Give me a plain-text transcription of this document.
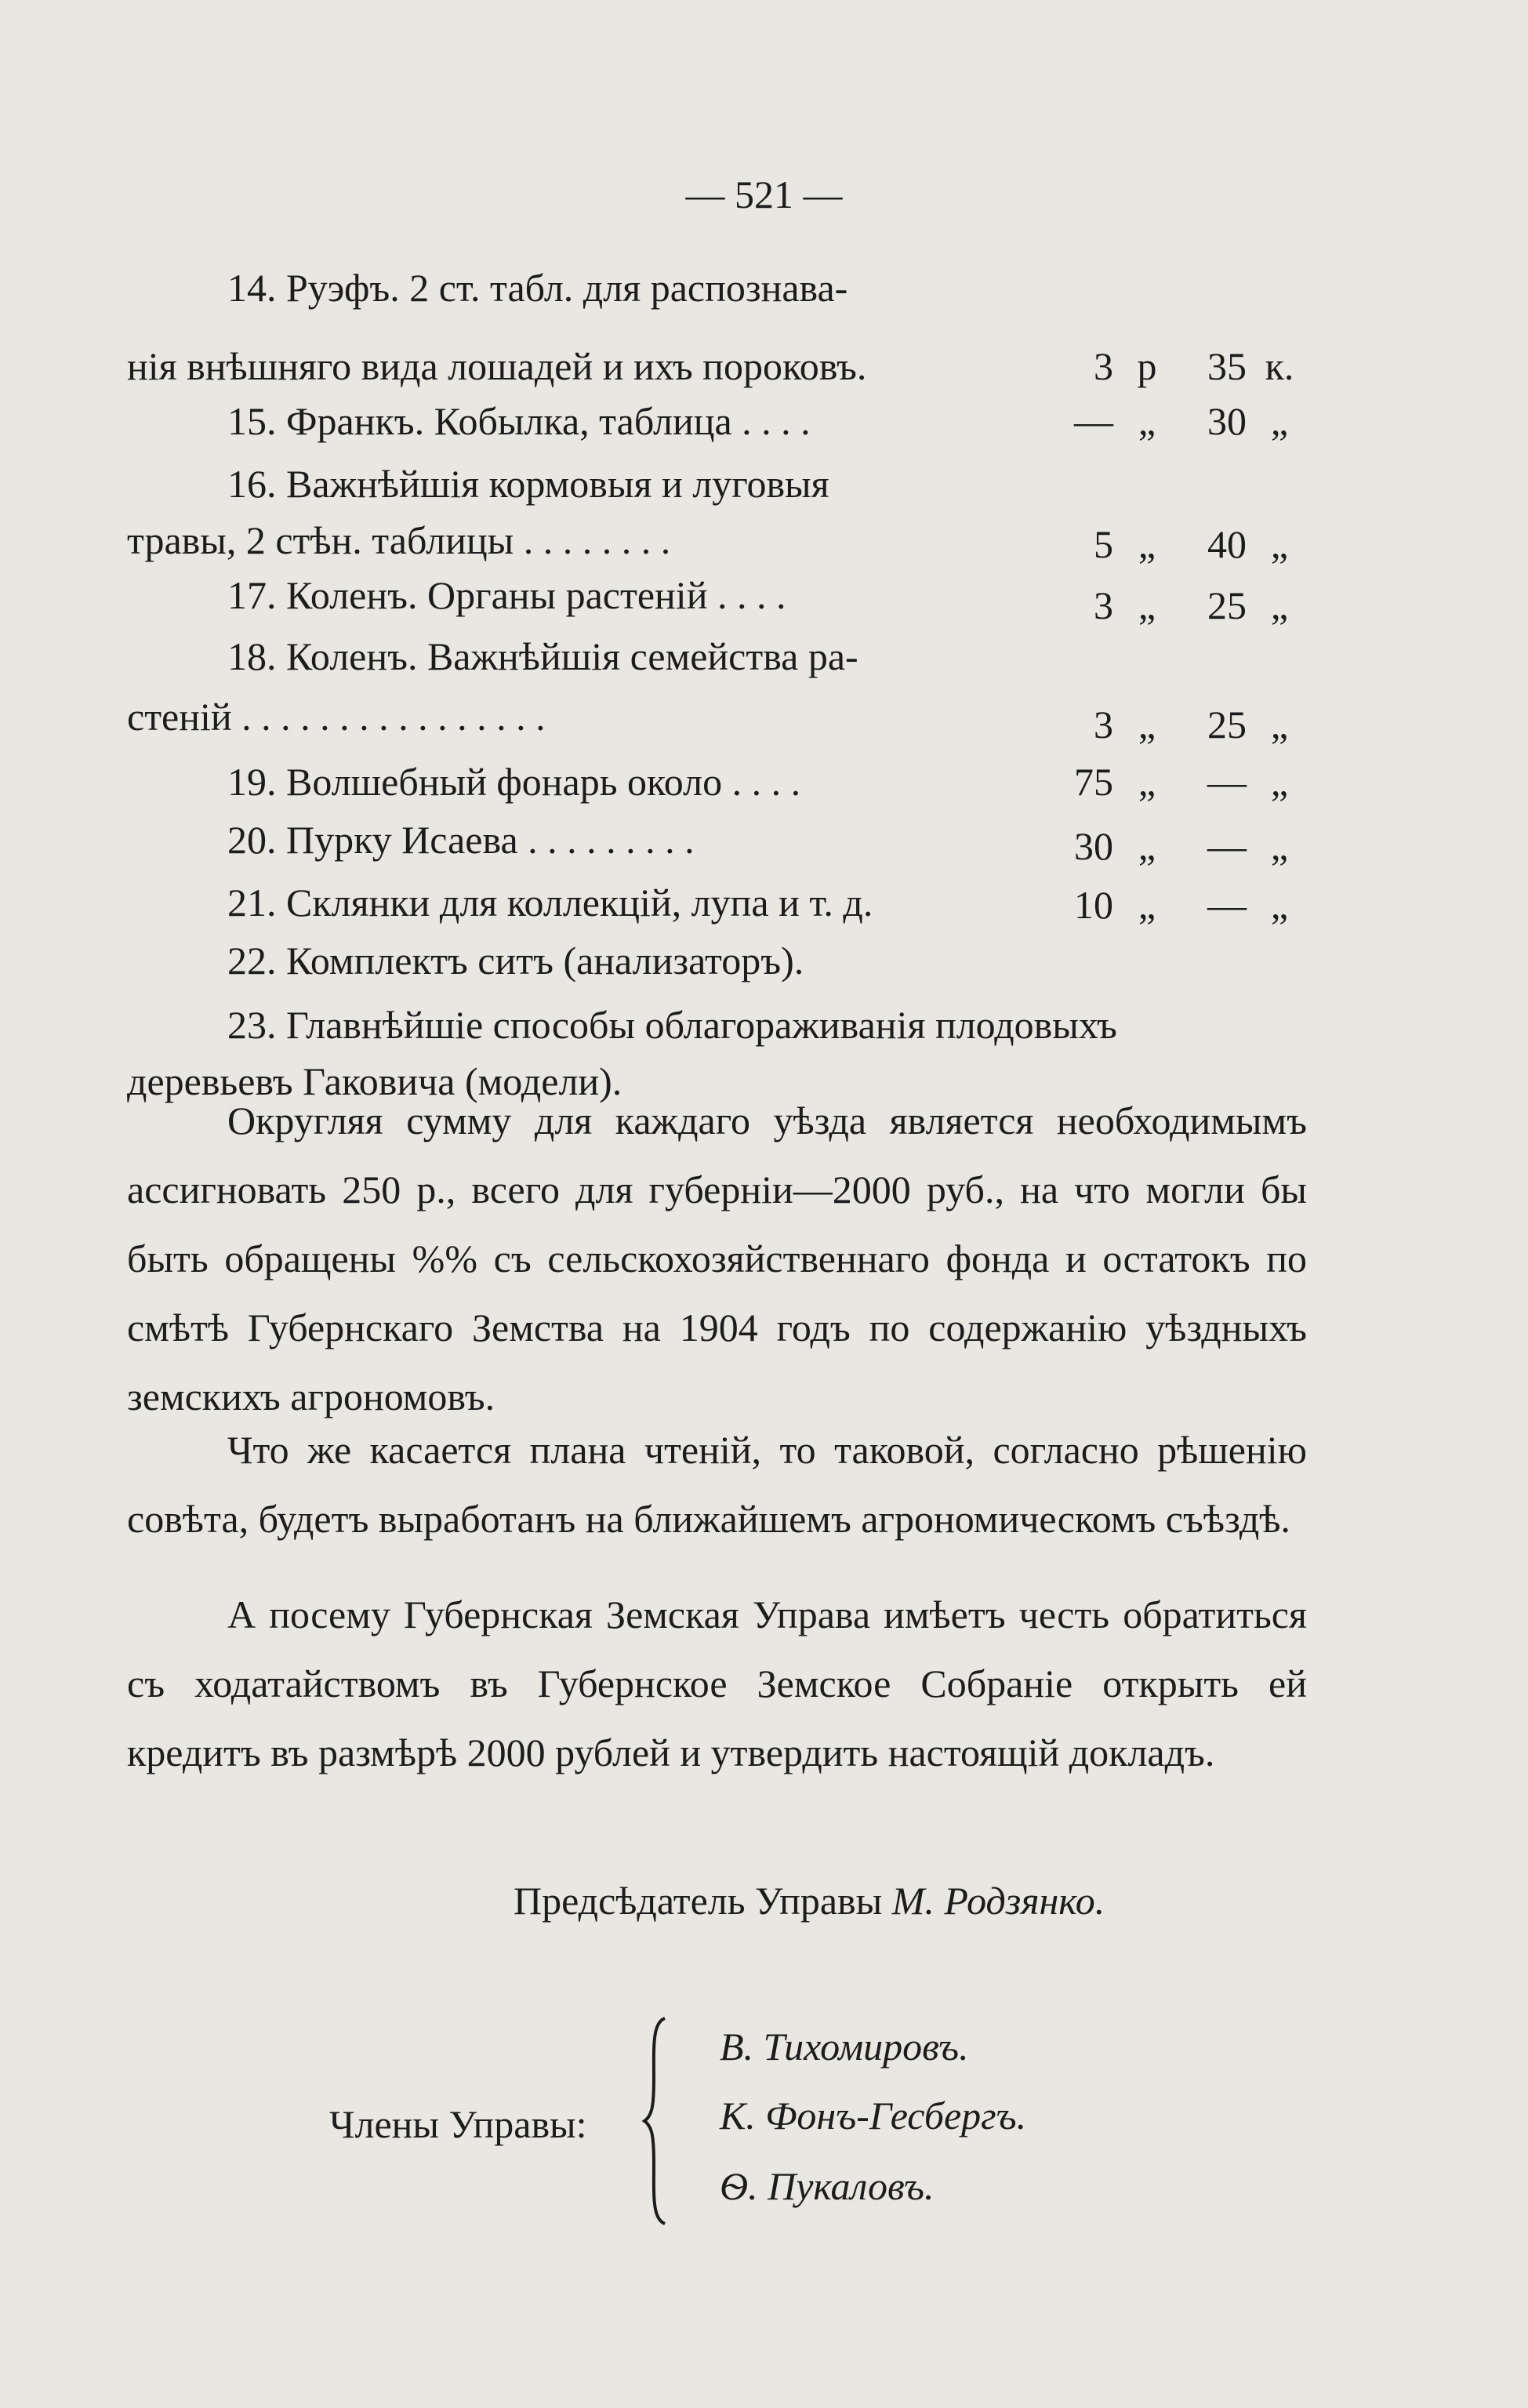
— 521 —
14. Руэфъ. 2 ст. табл. для распознава-
нія внѣшняго вида лошадей и ихъ пороковъ.	3 р	35 к.
15. Франкъ. Кобылка, таблица . . . .	— „	30 „
16. Важнѣйшія кормовыя и луговыя
травы, 2 стѣн. таблицы . . . . . . . .	5 „	40 „
17. Коленъ. Органы растеній . . . .	3 „	25 „
18. Коленъ. Важнѣйшія семейства ра-
стеній . . . . . . . . . . . . . . . .	3 „	25 „
19. Волшебный фонарь около . . . .	75 „	— „
20. Пурку Исаева . . . . . . . . .	30 „	— „
21. Склянки для коллекцій, лупа и т. д.	10 „	— „
22. Комплектъ ситъ (анализаторъ).
23. Главнѣйшіе способы облагораживанія плодовыхъ
деревьевъ Гаковича (модели).

Округляя сумму для каждаго уѣзда является необходимымъ ассигновать 250 р., всего для губерніи—2000 руб., на что могли бы быть обращены %% съ сельскохозяйственнаго фонда и остатокъ по смѣтѣ Губернскаго Земства на 1904 годъ по содержанію уѣздныхъ земскихъ агрономовъ.

Что же касается плана чтеній, то таковой, согласно рѣшенію совѣта, будетъ выработанъ на ближайшемъ агрономическомъ съѣздѣ.

А посему Губернская Земская Управа имѣетъ честь обратиться съ ходатайствомъ въ Губернское Земское Собраніе открыть ей кредитъ въ размѣрѣ 2000 рублей и утвердить настоящій докладъ.

Предсѣдатель Управы М. Родзянко.
Члены Управы:
В. Тихомировъ.
К. Фонъ-Гесбергъ.
Ѳ. Пукаловъ.
